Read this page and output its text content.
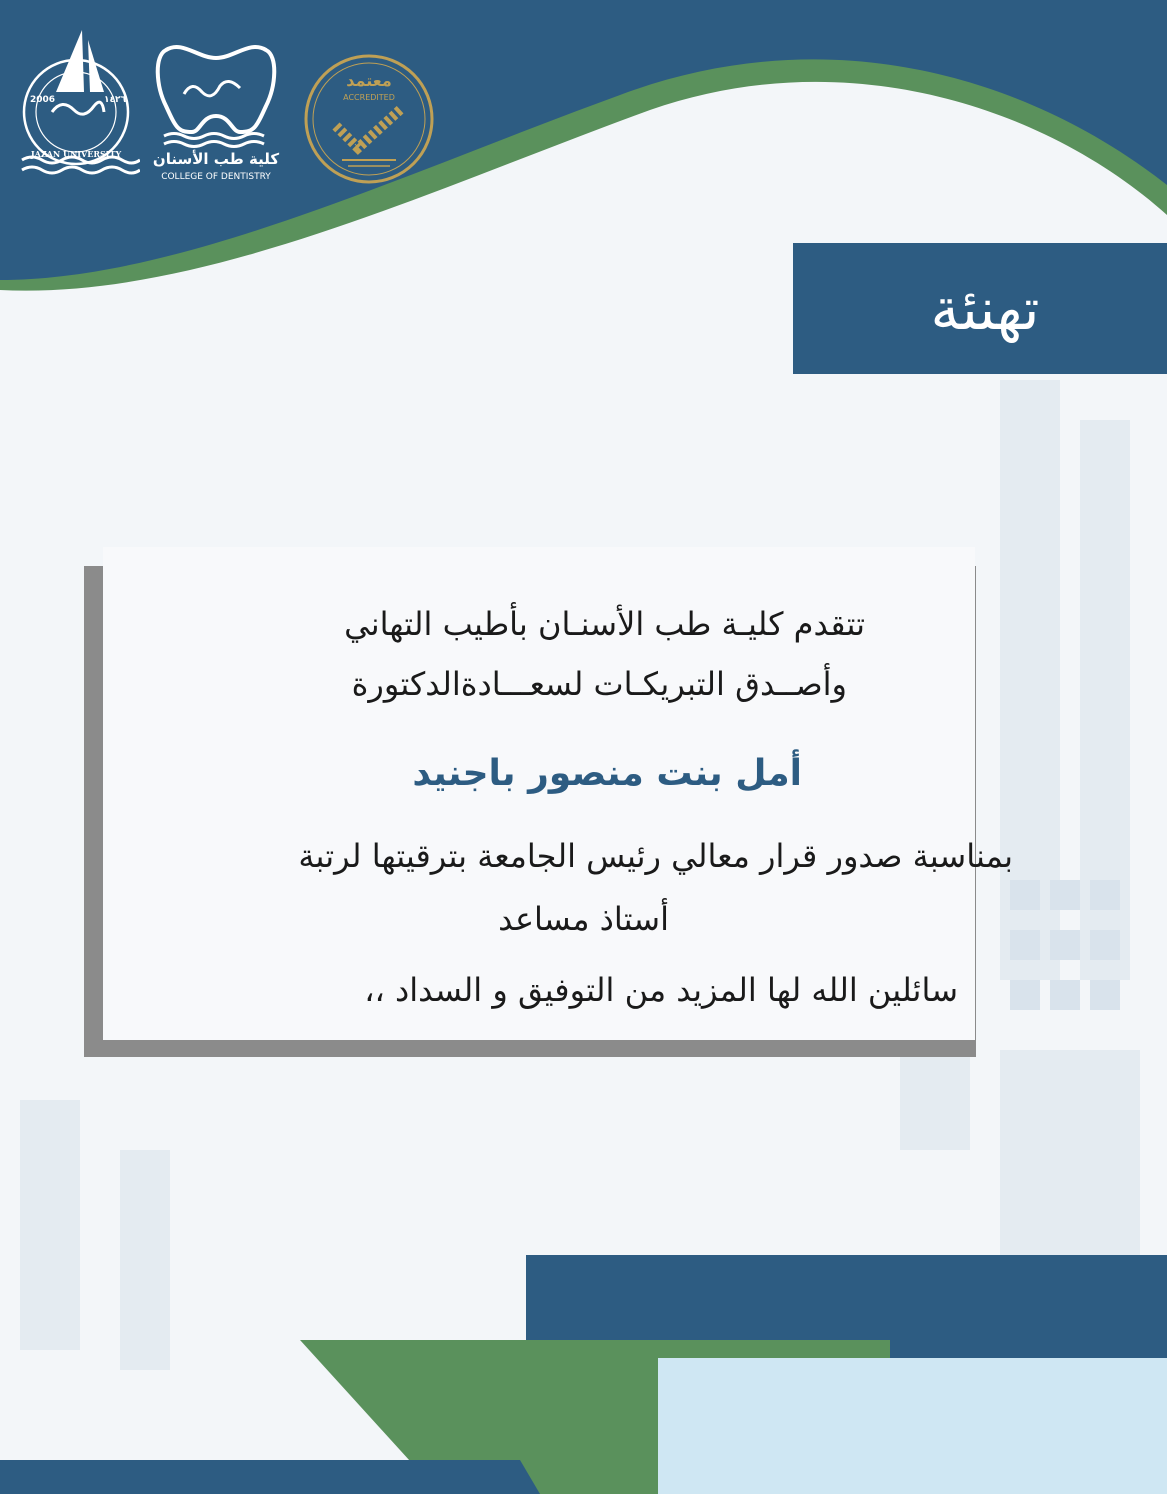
2006	١٤٢٦
JAZAN UNIVERSITY كلية طب الأسنان
COLLEGE OF DENTISTRY
معتمد
ACCREDITED
تهنئة
تتقدم كليـة طب الأسنـان بأطيب التهاني
وأصــدق التبريكـات لسعـــادةالدكتورة
أمل بنت منصور باجنيد
بمناسبة صدور قرار معالي رئيس الجامعة بترقيتها لرتبة
أستاذ مساعد
سائلين الله لها المزيد من التوفيق و السداد ،،
